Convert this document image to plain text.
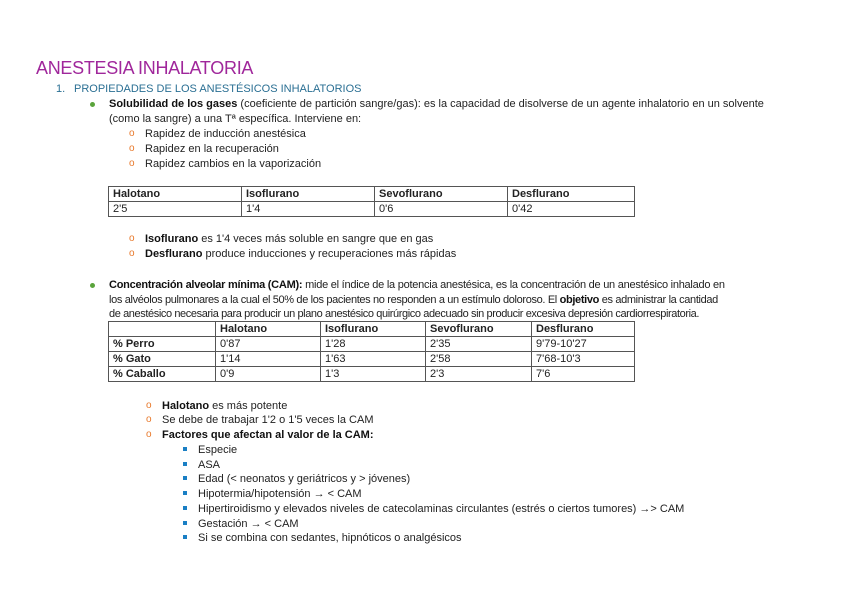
ANESTESIA INHALATORIA
1. PROPIEDADES DE LOS ANESTÉSICOS INHALATORIOS
Solubilidad de los gases (coeficiente de partición sangre/gas): es la capacidad de disolverse de un agente inhalatorio en un solvente
(como la sangre) a una Tª específica. Interviene en:
o Rapidez de inducción anestésica
o Rapidez en la recuperación
o Rapidez cambios en la vaporización
Halotano	Isoflurano	Sevoflurano	Desflurano
2'5	1'4	0'6	0'42
o Isoflurano es 1'4 veces más soluble en sangre que en gas
o Desflurano produce inducciones y recuperaciones más rápidas
Concentración alveolar mínima (CAM): mide el índice de la potencia anestésica, es la concentración de un anestésico inhalado en
los alvéolos pulmonares a la cual el 50% de los pacientes no responden a un estímulo doloroso. El objetivo es administrar la cantidad
de anestésico necesaria para producir un plano anestésico quirúrgico adecuado sin producir excesiva depresión cardiorrespiratoria.
	Halotano	Isoflurano	Sevoflurano	Desflurano
% Perro	0'87	1'28	2'35	9'79-10'27
% Gato	1'14	1'63	2'58	7'68-10'3
% Caballo	0'9	1'3	2'3	7'6
o Halotano es más potente
o Se debe de trabajar 1'2 o 1'5 veces la CAM
o Factores que afectan al valor de la CAM:
Especie
ASA
Edad (< neonatos y geriátricos y > jóvenes)
Hipotermia/hipotensión → < CAM
Hipertiroidismo y elevados niveles de catecolaminas circulantes (estrés o ciertos tumores) →> CAM
Gestación → < CAM
Si se combina con sedantes, hipnóticos o analgésicos
